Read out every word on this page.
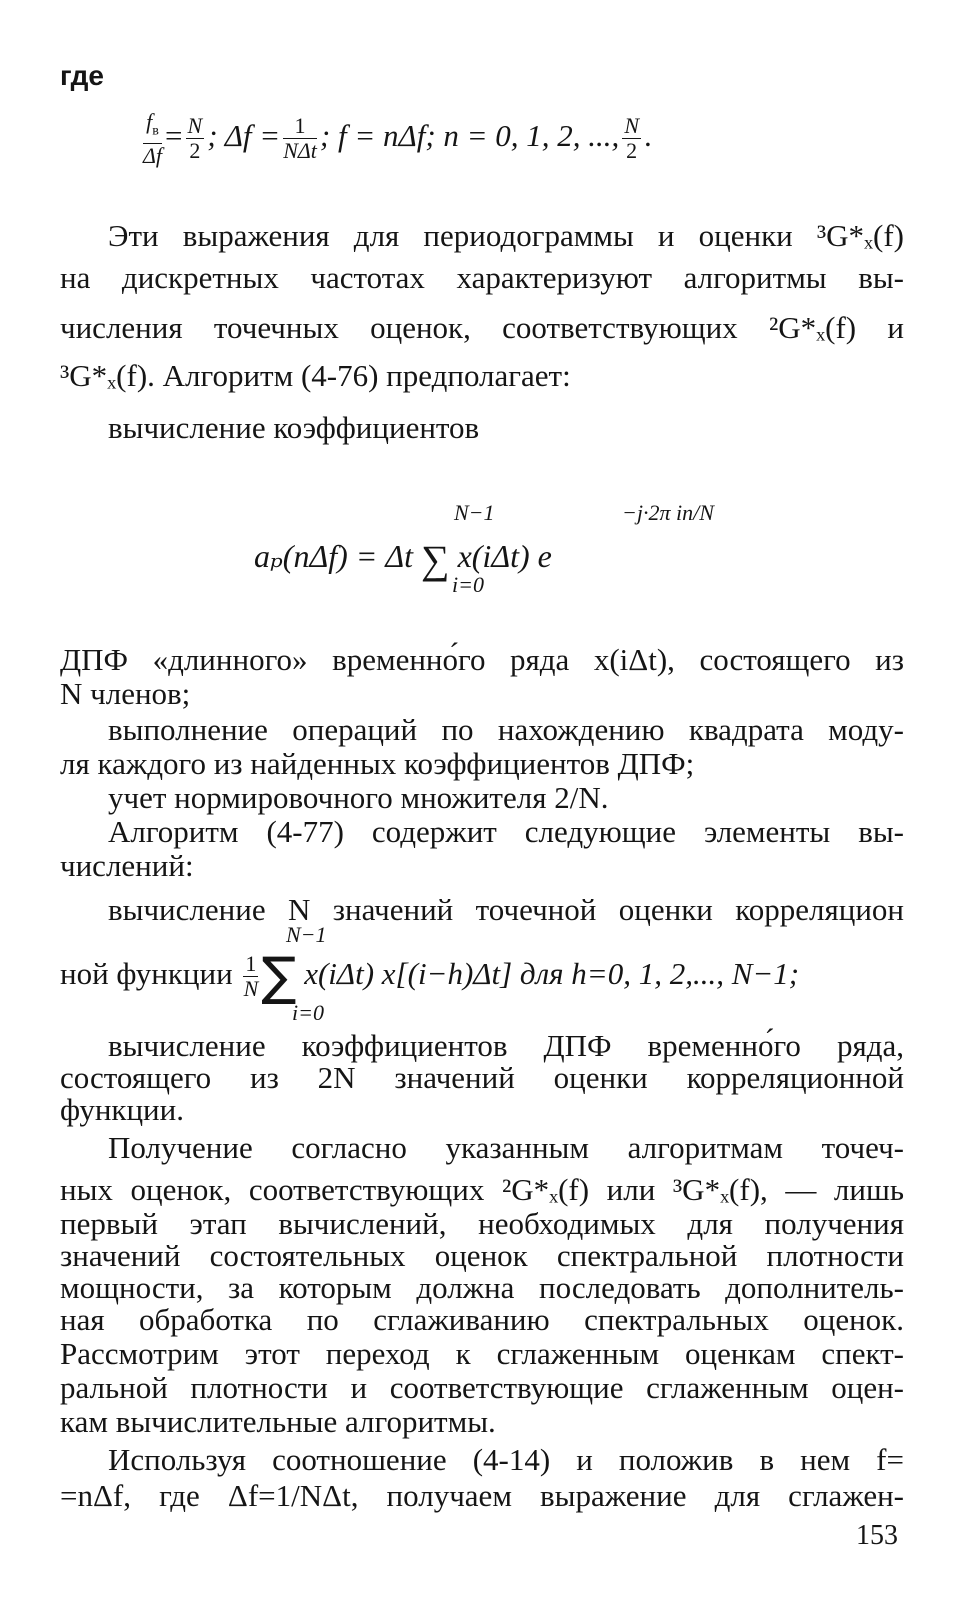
где
$\frac{f_в}{\Delta f} = \frac{N}{2}$ ; $\Delta f = \frac{1}{\text{NΔt}}$ ; f = nΔf; n = 0, 1, 2, ..., $\frac{N}{2}$ .
Эти выражения для периодограммы и оценки ³G*ₓ(f)
на дискретных частотах характеризуют алгоритмы вы-
числения точечных оценок, соответствующих ²G*ₓ(f) и
³G*ₓ(f). Алгоритм (4-76) предполагает:
вычисление коэффициентов
N−1	−j·2π in/N
aₚ(nΔf) = Δt ∑ x(iΔt) e
i=0
ДПФ «длинного» временно́го ряда x(iΔt), состоящего из
N членов;
выполнение операций по нахождению квадрата моду-
ля каждого из найденных коэффициентов ДПФ;
учет нормировочного множителя 2/N.
Алгоритм (4-77) содержит следующие элементы вы-
числений:
вычисление N значений точечной оценки корреляцион
N−1
ной функции $\frac{1}{N}$ ∑ x(iΔt) x[(i−h)Δt] для h=0, 1, 2,..., N−1;
i=0
вычисление коэффициентов ДПФ временно́го ряда,
состоящего из 2N значений оценки корреляционной
функции.
Получение согласно указанным алгоритмам точеч-
ных оценок, соответствующих ²G*ₓ(f) или ³G*ₓ(f), — лишь
первый этап вычислений, необходимых для получения
значений состоятельных оценок спектральной плотности
мощности, за которым должна последовать дополнитель-
ная обработка по сглаживанию спектральных оценок.
Рассмотрим этот переход к сглаженным оценкам спект-
ральной плотности и соответствующие сглаженным оцен-
кам вычислительные алгоритмы.
Используя соотношение (4-14) и положив в нем f=
=nΔf, где Δf=1/NΔt, получаем выражение для сглажен-
153
